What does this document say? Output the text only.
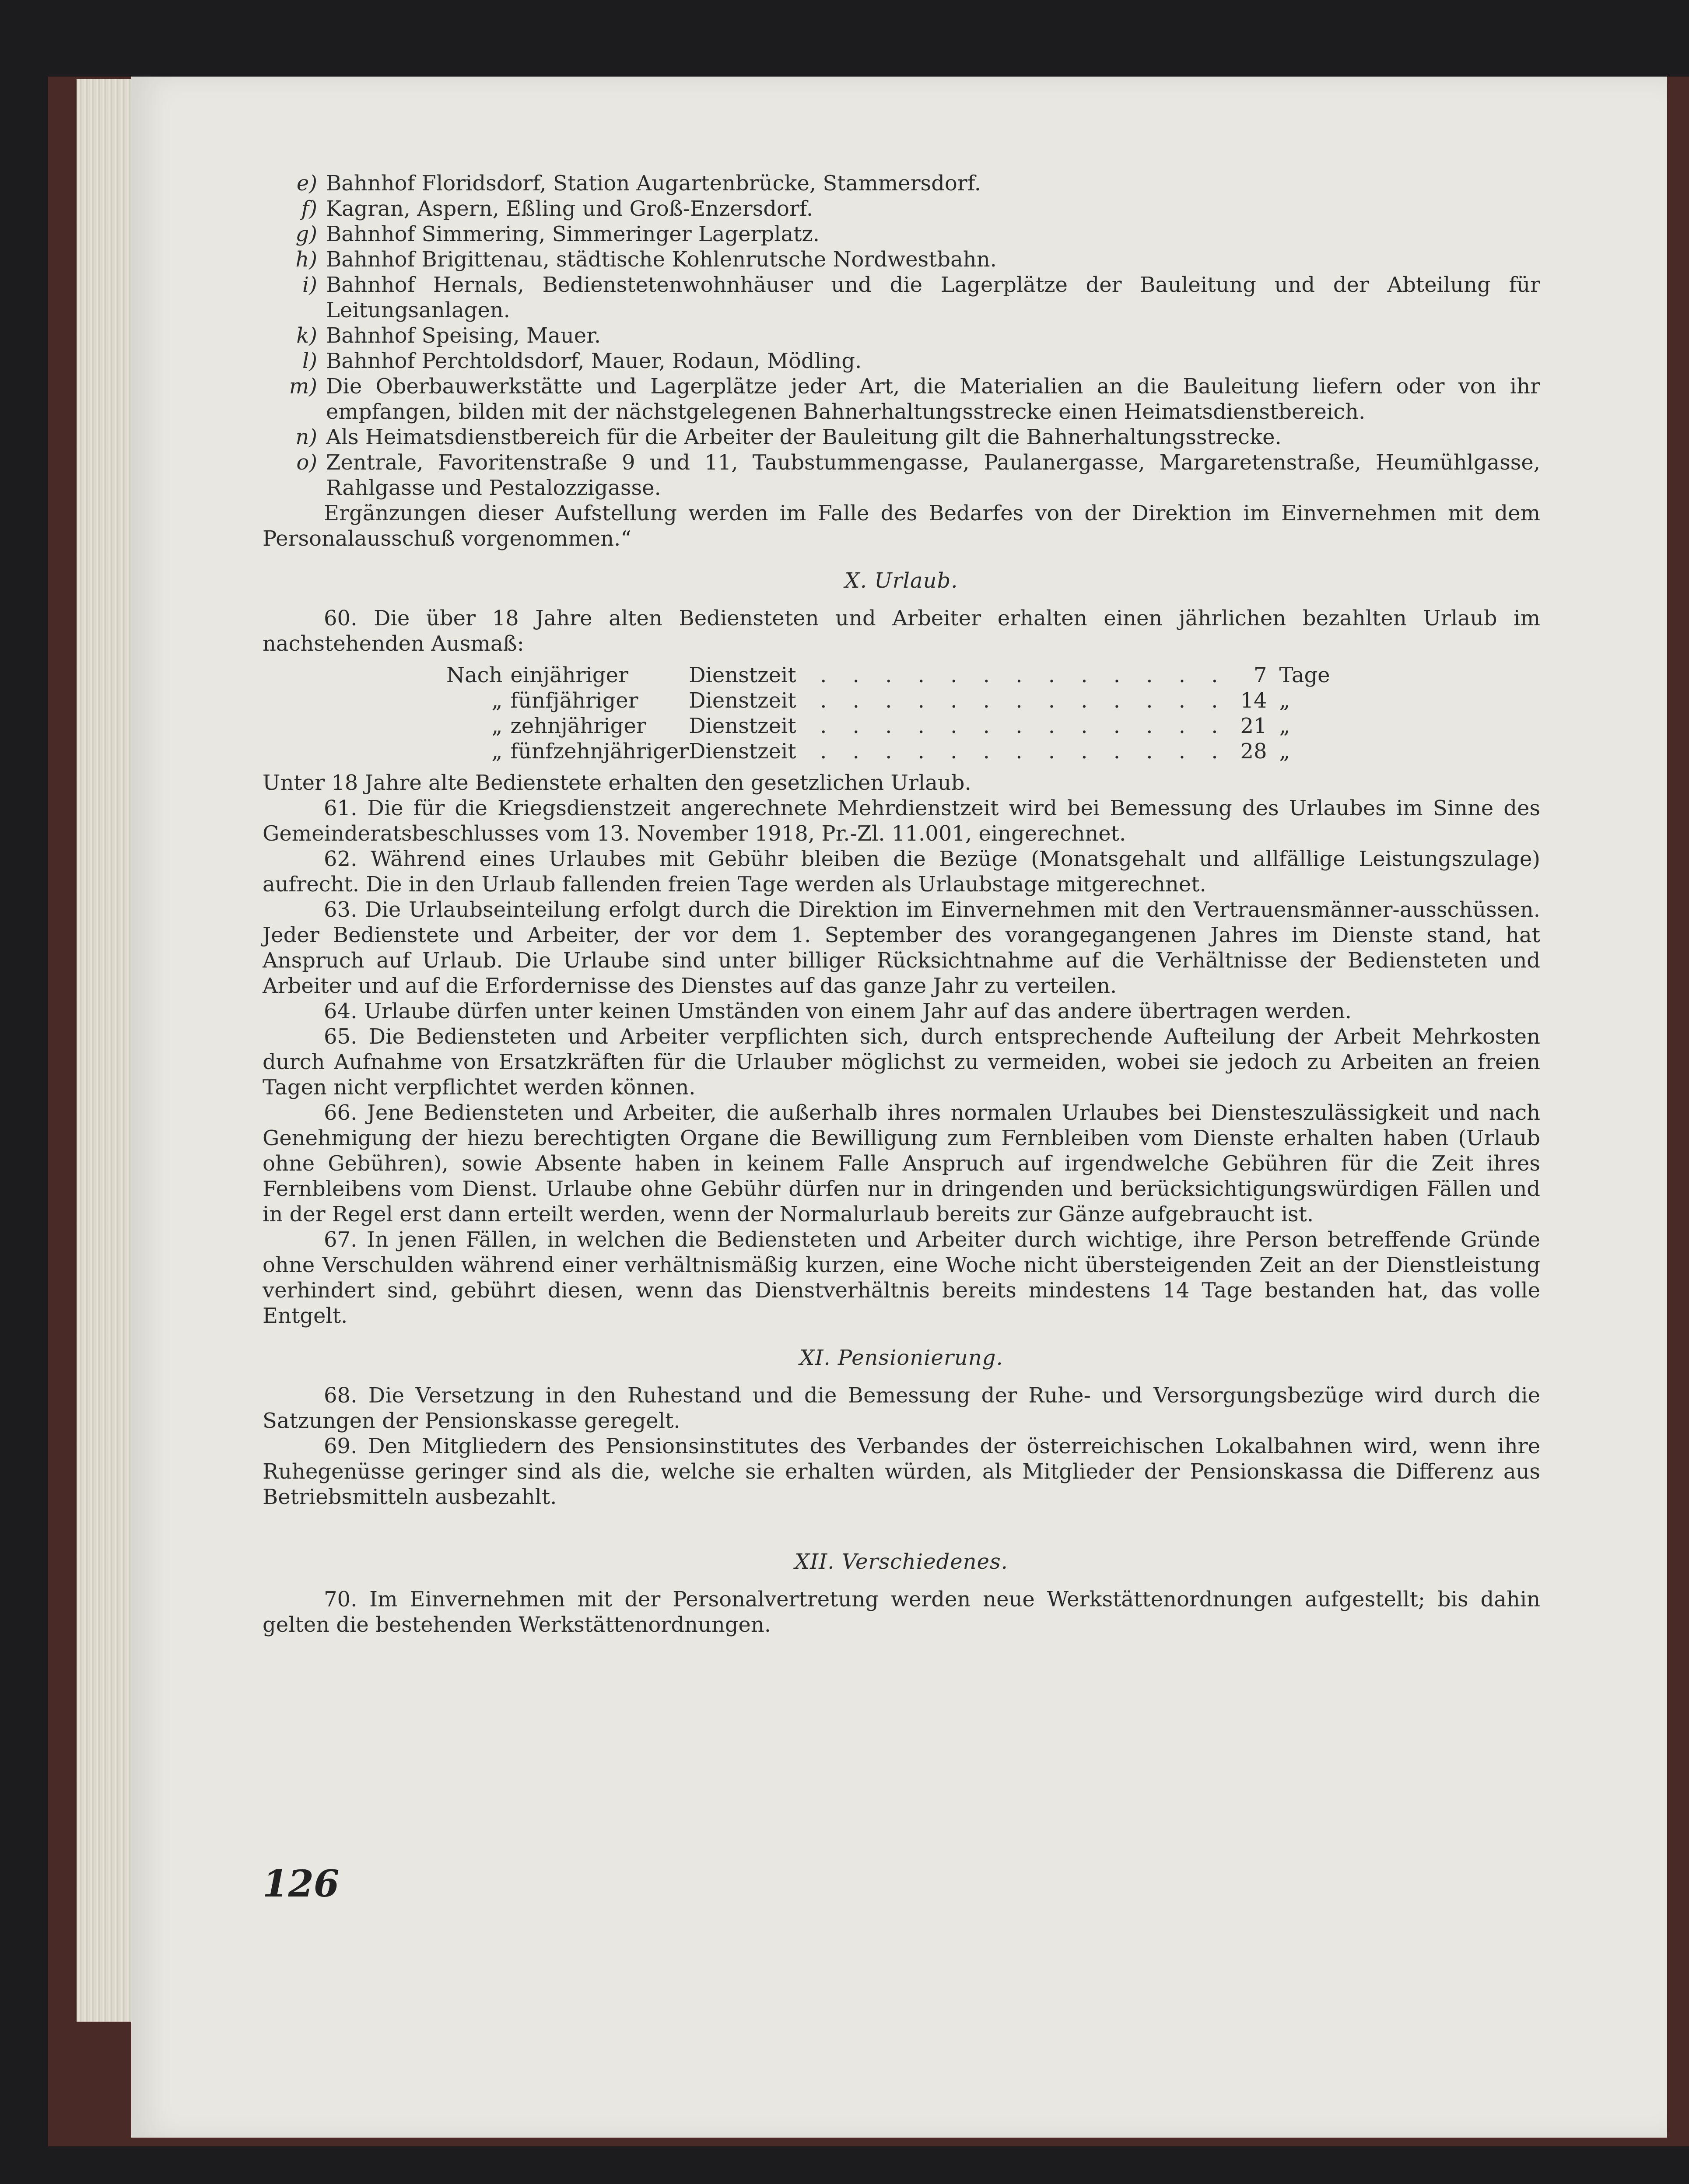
e) Bahnhof Floridsdorf, Station Augartenbrücke, Stammersdorf.
f) Kagran, Aspern, Eßling und Groß-Enzersdorf.
g) Bahnhof Simmering, Simmeringer Lagerplatz.
h) Bahnhof Brigittenau, städtische Kohlenrutsche Nordwestbahn.
i) Bahnhof Hernals, Bedienstetenwohnhäuser und die Lagerplätze der Bauleitung und der Abteilung für Leitungsanlagen.
k) Bahnhof Speising, Mauer.
l) Bahnhof Perchtoldsdorf, Mauer, Rodaun, Mödling.
m) Die Oberbauwerkstätte und Lagerplätze jeder Art, die Materialien an die Bauleitung liefern oder von ihr empfangen, bilden mit der nächstgelegenen Bahnerhaltungsstrecke einen Heimatsdienstbereich.
n) Als Heimatsdienstbereich für die Arbeiter der Bauleitung gilt die Bahnerhaltungsstrecke.
o) Zentrale, Favoritenstraße 9 und 11, Taubstummengasse, Paulanergasse, Margaretenstraße, Heumühlgasse, Rahlgasse und Pestalozzigasse.

Ergänzungen dieser Aufstellung werden im Falle des Bedarfes von der Direktion im Einvernehmen mit dem Personalausschuß vorgenommen.“

X. Urlaub.

60. Die über 18 Jahre alten Bediensteten und Arbeiter erhalten einen jährlichen bezahlten Urlaub im nachstehenden Ausmaß:

Nach	einjähriger	Dienstzeit	. . . . . . . . . . . . .	7	Tage
„	fünfjähriger	Dienstzeit	. . . . . . . . . . . . .	14	„
„	zehnjähriger	Dienstzeit	. . . . . . . . . . . . .	21	„
„	fünfzehnjähriger	Dienstzeit	. . . . . . . . . . . . .	28	„

Unter 18 Jahre alte Bedienstete erhalten den gesetzlichen Urlaub.

61. Die für die Kriegsdienstzeit angerechnete Mehrdienstzeit wird bei Bemessung des Urlaubes im Sinne des Gemeinderatsbeschlusses vom 13. November 1918, Pr.-Zl. 11.001, eingerechnet.

62. Während eines Urlaubes mit Gebühr bleiben die Bezüge (Monatsgehalt und allfällige Leistungszulage) aufrecht. Die in den Urlaub fallenden freien Tage werden als Urlaubstage mitgerechnet.

63. Die Urlaubseinteilung erfolgt durch die Direktion im Einvernehmen mit den Vertrauensmänner-ausschüssen. Jeder Bedienstete und Arbeiter, der vor dem 1. September des vorangegangenen Jahres im Dienste stand, hat Anspruch auf Urlaub. Die Urlaube sind unter billiger Rücksichtnahme auf die Verhältnisse der Bediensteten und Arbeiter und auf die Erfordernisse des Dienstes auf das ganze Jahr zu verteilen.

64. Urlaube dürfen unter keinen Umständen von einem Jahr auf das andere übertragen werden.

65. Die Bediensteten und Arbeiter verpflichten sich, durch entsprechende Aufteilung der Arbeit Mehrkosten durch Aufnahme von Ersatzkräften für die Urlauber möglichst zu vermeiden, wobei sie jedoch zu Arbeiten an freien Tagen nicht verpflichtet werden können.

66. Jene Bediensteten und Arbeiter, die außerhalb ihres normalen Urlaubes bei Diensteszulässigkeit und nach Genehmigung der hiezu berechtigten Organe die Bewilligung zum Fernbleiben vom Dienste erhalten haben (Urlaub ohne Gebühren), sowie Absente haben in keinem Falle Anspruch auf irgendwelche Gebühren für die Zeit ihres Fernbleibens vom Dienst. Urlaube ohne Gebühr dürfen nur in dringenden und berücksichtigungswürdigen Fällen und in der Regel erst dann erteilt werden, wenn der Normalurlaub bereits zur Gänze aufgebraucht ist.

67. In jenen Fällen, in welchen die Bediensteten und Arbeiter durch wichtige, ihre Person betreffende Gründe ohne Verschulden während einer verhältnismäßig kurzen, eine Woche nicht übersteigenden Zeit an der Dienstleistung verhindert sind, gebührt diesen, wenn das Dienstverhältnis bereits mindestens 14 Tage bestanden hat, das volle Entgelt.

XI. Pensionierung.

68. Die Versetzung in den Ruhestand und die Bemessung der Ruhe- und Versorgungsbezüge wird durch die Satzungen der Pensionskasse geregelt.

69. Den Mitgliedern des Pensionsinstitutes des Verbandes der österreichischen Lokalbahnen wird, wenn ihre Ruhegenüsse geringer sind als die, welche sie erhalten würden, als Mitglieder der Pensionskassa die Differenz aus Betriebsmitteln ausbezahlt.

XII. Verschiedenes.

70. Im Einvernehmen mit der Personalvertretung werden neue Werkstättenordnungen aufgestellt; bis dahin gelten die bestehenden Werkstättenordnungen.

126
